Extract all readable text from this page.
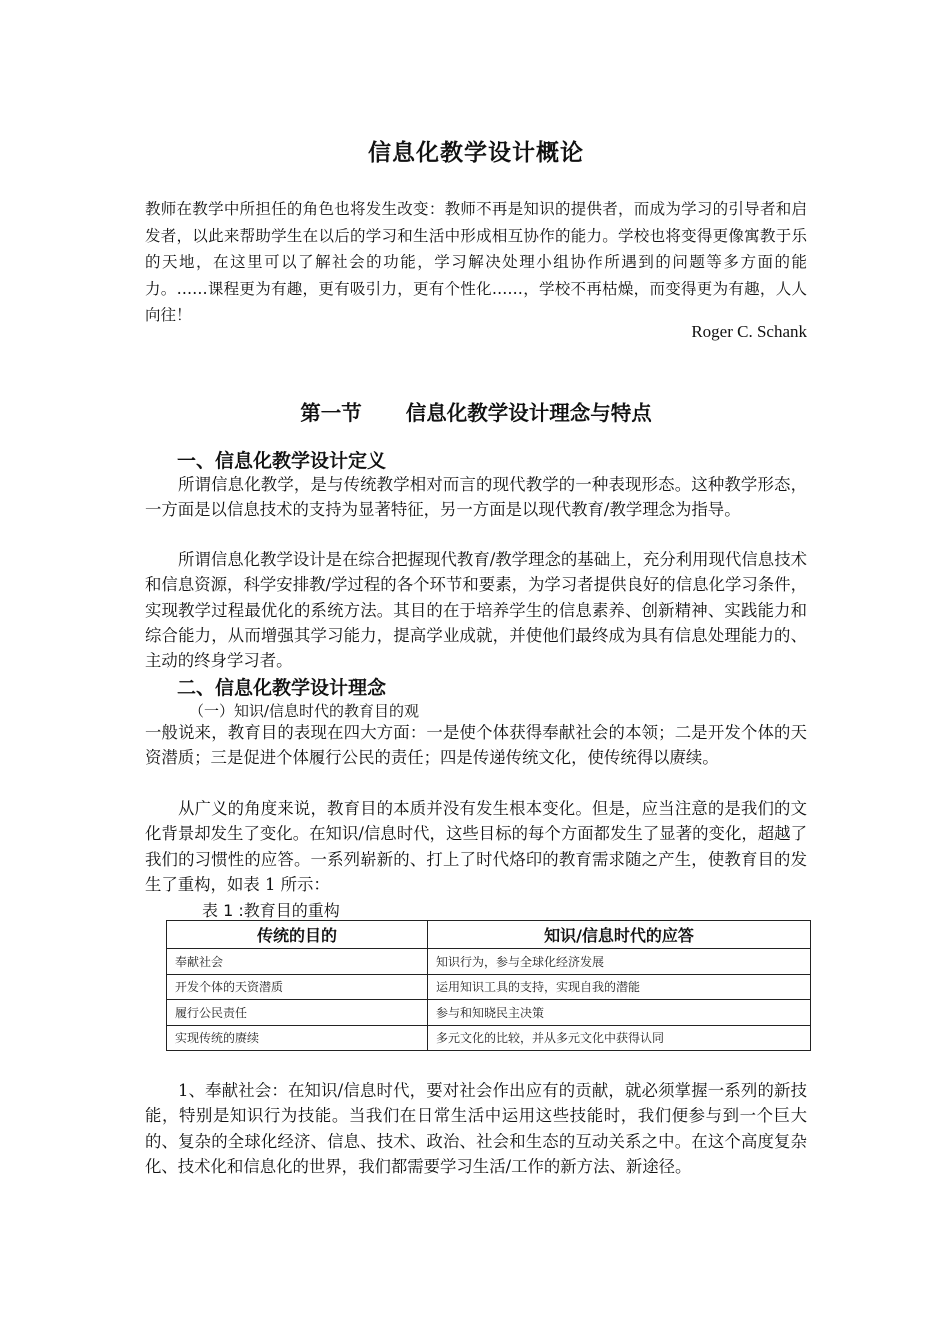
信息化教学设计概论
教师在教学中所担任的角色也将发生改变：教师不再是知识的提供者，而成为学习的引导者和启发者，以此来帮助学生在以后的学习和生活中形成相互协作的能力。学校也将变得更像寓教于乐的天地，在这里可以了解社会的功能，学习解决处理小组协作所遇到的问题等多方面的能力。……课程更为有趣，更有吸引力，更有个性化……，学校不再枯燥，而变得更为有趣，人人向往！
Roger C. Schank
第一节 信息化教学设计理念与特点
一、信息化教学设计定义
所谓信息化教学，是与传统教学相对而言的现代教学的一种表现形态。这种教学形态，一方面是以信息技术的支持为显著特征，另一方面是以现代教育/教学理念为指导。
所谓信息化教学设计是在综合把握现代教育/教学理念的基础上，充分利用现代信息技术和信息资源，科学安排教/学过程的各个环节和要素，为学习者提供良好的信息化学习条件，实现教学过程最优化的系统方法。其目的在于培养学生的信息素养、创新精神、实践能力和综合能力，从而增强其学习能力，提高学业成就，并使他们最终成为具有信息处理能力的、主动的终身学习者。
二、信息化教学设计理念
（一）知识/信息时代的教育目的观
一般说来，教育目的表现在四大方面：一是使个体获得奉献社会的本领；二是开发个体的天资潜质；三是促进个体履行公民的责任；四是传递传统文化，使传统得以赓续。
从广义的角度来说，教育目的本质并没有发生根本变化。但是，应当注意的是我们的文化背景却发生了变化。在知识/信息时代，这些目标的每个方面都发生了显著的变化，超越了我们的习惯性的应答。一系列崭新的、打上了时代烙印的教育需求随之产生，使教育目的发生了重构，如表 1 所示：
表 1 :教育目的重构
传统的目的	知识/信息时代的应答
奉献社会	知识行为，参与全球化经济发展
开发个体的天资潜质	运用知识工具的支持，实现自我的潜能
履行公民责任	参与和知晓民主决策
实现传统的赓续	多元文化的比较，并从多元文化中获得认同
1、奉献社会：在知识/信息时代，要对社会作出应有的贡献，就必须掌握一系列的新技能，特别是知识行为技能。当我们在日常生活中运用这些技能时，我们便参与到一个巨大的、复杂的全球化经济、信息、技术、政治、社会和生态的互动关系之中。在这个高度复杂化、技术化和信息化的世界，我们都需要学习生活/工作的新方法、新途径。
